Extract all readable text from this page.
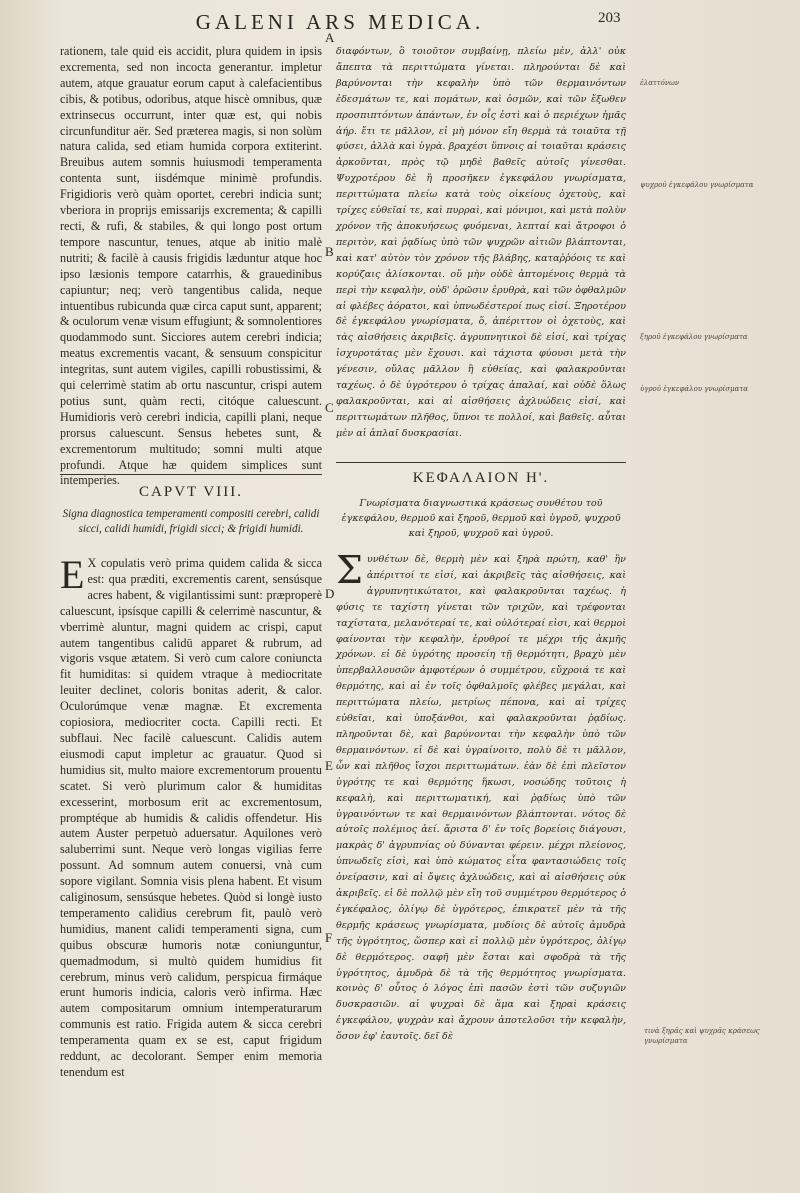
GALENI ARS MEDICA.	203

rationem, tale quid eis accidit, plura quidem in ipsis excrementa, sed non incocta generantur. impletur autem, atque grauatur eorum caput à calefacientibus cibis, & potibus, odoribus, atque hiscè omnibus, quæ extrinsecus occurrunt, inter quæ est, qui nobis circunfunditur aër. Sed præterea magis, si non solùm natura calida, sed etiam humida corpora extiterint. Breuibus autem somnis huiusmodi temperamenta contenta sunt, iisdémque minimè profundis. Frigidioris verò quàm oportet, cerebri indicia sunt; vberiora in proprijs emissarijs excrementa; & capilli recti, & rufi, & stabiles, & qui longo post ortum tempore nascuntur, tenues, atque ab initio malè nutriti; & facilè à causis frigidis læduntur atque hoc ipso læsionis tempore catarrhis, & grauedinibus capiuntur; neq; verò tangentibus calida, neque intuentibus rubicunda quæ circa caput sunt, apparent; & oculorum venæ visum effugiunt; & somnolentiores quodammodo sunt. Sicciores autem cerebri indicia; meatus excrementis vacant, & sensuum conspicitur integritas, sunt autem vigiles, capilli robustissimi, & qui celerrimè statim ab ortu nascuntur, crispi autem potius sunt, quàm recti, citóque caluescunt. Humidioris verò cerebri indicia, capilli plani, neque prorsus caluescunt. Sensus hebetes sunt, & excrementorum multitudo; somni multi atque profundi. Atque hæ quidem simplices sunt intemperies.

CAPVT VIII.
Signa diagnostica temperamenti compositi cerebri, calidi sicci, calidi humidi, frigidi sicci; & frigidi humidi.
E X copulatis verò prima quidem calida & sicca est: qua præditi, excrementis carent, sensúsque acres habent, & vigilantissimi sunt: præproperè caluescunt, ipsísque capilli & celerrimè nascuntur, & vberrimè aluntur, magni quidem ac crispi, caput autem tangentibus calidū apparet & rubrum, ad vigoris vsque ætatem. Si verò cum calore coniuncta fit humiditas: si quidem vtraque à mediocritate leuiter declinet, coloris bonitas aderit, & calor. Oculorúmque venæ magnæ. Et excrementa copiosiora, mediocriter cocta. Capilli recti. Et subflaui. Nec facilè caluescunt. Calidis autem eiusmodi caput impletur ac grauatur. Quod si humidius sit, multo maiore excrementorum prouentu scatet. Si verò plurimum calor & humiditas excesserint, morbosum erit ac excrementosum, promptéque ab humidis & calidis offendetur. His autem Auster perpetuò aduersatur. Aquilones verò saluberrimi sunt. Neque verò longas vigilias ferre possunt. Ad somnum autem conuersi, vnà cum sopore vigilant. Somnia visis plena habent. Et visum caliginosum, sensúsque hebetes. Quòd si longè iusto temperamento calidius cerebrum fit, paulò verò humidius, manent calidi temperamenti signa, cum quibus obscuræ humoris notæ coniunguntur, quemadmodum, si multò quidem humidius fit cerebrum, minus verò calidum, perspicua firmáque erunt humoris indicia, caloris verò infirma. Hæc autem compositarum omnium intemperaturarum communis est ratio. Frigida autem & sicca cerebri temperamenta quam ex se est, caput frigidum reddunt, ac decolorant. Semper enim memoria tenendum est

A
B
C
D
E
F

διαφόντων, ὃ τοιοῦτον συμβαίνῃ, πλείω μὲν, ἀλλ' οὐκ ἄπεπτα τὰ περιττώματα γίνεται. πληρούνται δὲ καὶ βαρύνονται τὴν κεφαλὴν ὑπὸ τῶν θερμαινόντων ἐδεσμάτων τε, καὶ πομάτων, καὶ ὀσμῶν, καὶ τῶν ἔξωθεν προσπιπτόντων ἁπάντων, ἐν οἷς ἐστὶ καὶ ὁ περιέχων ἡμᾶς ἀήρ. ἔτι τε μᾶλλον, εἰ μὴ μόνον εἴη θερμὰ τὰ τοιαῦτα τῇ φύσει, ἀλλὰ καὶ ὑγρὰ. βραχέσι ὕπνοις αἱ τοιαῦται κράσεις ἀρκοῦνται, πρὸς τῷ μηδὲ βαθεῖς αὐτοῖς γίνεσθαι. Ψυχροτέρου δὲ ἢ προσῆκεν ἐγκεφάλου γνωρίσματα, περιττώματα πλείω κατὰ τοὺς οἰκείους ὀχετοὺς, καὶ τρίχες εὐθεῖαί τε, καὶ πυρραὶ, καὶ μόνιμοι, καὶ μετὰ πολὺν χρόνον τῆς ἀποκυήσεως φυόμεναι, λεπταί καὶ ἄτροφοι ὁ περιτὸν, καὶ ῥᾳδίως ὑπὸ τῶν ψυχρῶν αἰτιῶν βλάπτονται, καὶ κατ' αὐτὸν τὸν χρόνον τῆς βλάβης, καταῤῥόοις τε καὶ κορύζαις ἁλίσκονται. οὔ μὴν οὐδὲ ἁπτομένοις θερμὰ τὰ περὶ τὴν κεφαλὴν, οὐδ' ὁρῶσιν ἐρυθρὰ, καὶ τῶν ὀφθαλμῶν αἱ φλέβες ἀόρατοι, καὶ ὑπνωδέστεροί πως εἰσί. Ξηροτέρου δὲ ἐγκεφάλου γνωρίσματα, ὅ, ἀπέριττον οἱ ὀχετοὺς, καὶ τὰς αἰσθήσεις ἀκριβεῖς. ἀγρυπνητικοὶ δὲ εἰσί, καὶ τρίχας ἰσχυροτάτας μὲν ἔχουσι. καὶ τάχιστα φύουσι μετὰ τὴν γένεσιν, οὔλας μᾶλλον ἢ εὐθείας, καὶ φαλακροῦνται ταχέως. ὁ δὲ ὑγρότερου ὁ τρίχας ἁπαλαί, καὶ οὐδὲ ὅλως φαλακροῦνται, καὶ αἱ αἰσθήσεις ἀχλυώδεις εἰσί, καὶ περιττωμάτων πλῆθος, ὕπνοι τε πολλοί, καὶ βαθεῖς. αὗται μὲν αἱ ἁπλαῖ δυσκρασίαι.

ΚΕΦΑΛΑΙΟΝ Η'.
Γνωρίσματα διαγνωστικά κράσεως συνθέτου τοῦ ἐγκεφάλου, θερμοῦ καὶ ξηροῦ, θερμοῦ καὶ ὑγροῦ, ψυχροῦ καὶ ξηροῦ, ψυχροῦ καὶ ὑγροῦ.
Σ υνθέτων δὲ, θερμὴ μὲν καὶ ξηρὰ πρώτη, καθ' ἣν ἀπέριττοί τε εἰσί, καὶ ἀκριβεῖς τὰς αἰσθήσεις, καὶ ἀγρυπνητικώτατοι, καὶ φαλακροῦνται ταχέως. ἡ φύσις τε ταχίστη γίνεται τῶν τριχῶν, καὶ τρέφονται ταχίστατα, μελανότεραί τε, καὶ οὐλότεραί εἰσι, καὶ θερμοὶ φαίνονται τὴν κεφαλὴν, ἐρυθροί τε μέχρι τῆς ἀκμῆς χρόνων. εἰ δὲ ὑγρότης προσείη τῇ θερμότητι, βραχὺ μὲν ὑπερβαλλουσῶν ἀμφοτέρων ὁ συμμέτρου, εὔχροιά τε καὶ θερμότης, καὶ αἱ ἐν τοῖς ὀφθαλμοῖς φλέβες μεγάλαι, καὶ περιττώματα πλείω, μετρίως πέπονα, καὶ αἱ τρίχες εὐθεῖαι, καὶ ὑποξάνθοι, καὶ φαλακροῦνται ῥᾳδίως. πληροῦνται δὲ, καὶ βαρύνονται τὴν κεφαλὴν ὑπὸ τῶν θερμαινόντων. εἰ δὲ καὶ ὑγραίνοιτο, πολὺ δὲ τι μᾶλλον, ὧν καὶ πλῆθος ἴσχοι περιττωμάτων. ἐὰν δὲ ἐπὶ πλεῖστον ὑγρότης τε καὶ θερμότης ἥκωσι, νοσώδης τοῦτοις ἡ κεφαλὴ, καὶ περιττωματική, καὶ ῥᾳδίως ὑπὸ τῶν ὑγραινόντων τε καὶ θερμαινόντων βλάπτονται. νότος δὲ αὐτοῖς πολέμιος ἀεί. ἄριστα δ' ἐν τοῖς βορείοις διάγουσι, μακρὰς δ' ἀγρυπνίας οὐ δύνανται φέρειν. μέχρι πλείονος, ὑπνωδεῖς εἰσὶ, καὶ ὑπὸ κώματος εἶτα φαντασιώδεις τοῖς ὀνείρασιν, καὶ αἱ ὄψεις ἀχλυώδεις, καὶ αἱ αἰσθήσεις οὐκ ἀκριβεῖς. εἰ δὲ πολλῷ μὲν εἴη τοῦ συμμέτρου θερμότερος ὁ ἐγκέφαλος, ὀλίγῳ δὲ ὑγρότερος, ἐπικρατεῖ μὲν τὰ τῆς θερμῆς κράσεως γνωρίσματα, μυδίοις δὲ αὐτοῖς ἀμυδρὰ τῆς ὑγρότητος, ὥσπερ καὶ εἰ πολλῷ μὲν ὑγρότερος, ὀλίγῳ δὲ θερμότερος. σαφῆ μὲν ἔσται καὶ σφοδρὰ τὰ τῆς ὑγρότητος, ἀμυδρὰ δὲ τὰ τῆς θερμότητος γνωρίσματα. κοινὸς δ' οὗτος ὁ λόγος ἐπὶ πασῶν ἐστὶ τῶν συζυγιῶν δυσκρασιῶν. αἱ ψυχραὶ δὲ ἅμα καὶ ξηραὶ κράσεις ἐγκεφάλου, ψυχρὰν καὶ ἄχρουν ἀποτελοῦσι τὴν κεφαλὴν, ὅσον ἐφ' ἑαυτοῖς. δεῖ δὲ

ἐλαττόνων
ψυχροῦ ἐγκεφάλου γνωρίσματα
ξηροῦ ἐγκεφάλου γνωρίσματα
ὑγροῦ ἐγκεφάλου γνωρίσματα
τινὰ ξηρᾶς καὶ ψυχρᾶς κράσεως γνωρίσματα
